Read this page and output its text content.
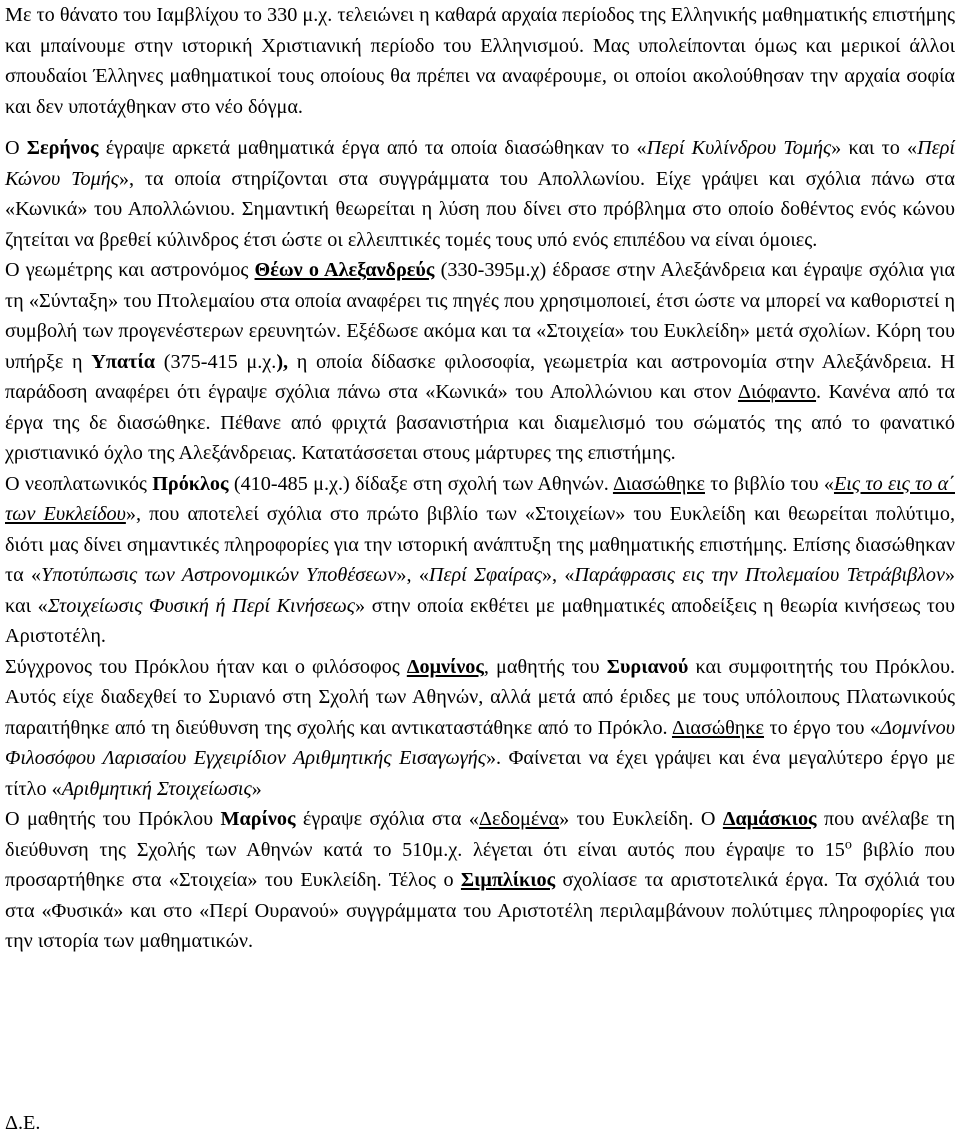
Με το θάνατο του Ιαμβλίχου το 330 μ.χ. τελειώνει η καθαρά αρχαία περίοδος της Ελληνικής μαθηματικής επιστήμης και μπαίνουμε στην ιστορική Χριστιανική περίοδο του Ελληνισμού. Μας υπολείπονται όμως και μερικοί άλλοι σπουδαίοι Έλληνες μαθηματικοί τους οποίους θα πρέπει να αναφέρουμε, οι οποίοι ακολούθησαν την αρχαία σοφία και δεν υποτάχθηκαν στο νέο δόγμα.

Ο Σερήνος έγραψε αρκετά μαθηματικά έργα από τα οποία διασώθηκαν το «Περί Κυλίνδρου Τομής» και το «Περί Κώνου Τομής», τα οποία στηρίζονται στα συγγράμματα του Απολλωνίου. Είχε γράψει και σχόλια πάνω στα «Κωνικά» του Απολλώνιου. Σημαντική θεωρείται η λύση που δίνει στο πρόβλημα στο οποίο δοθέντος ενός κώνου ζητείται να βρεθεί κύλινδρος έτσι ώστε οι ελλειπτικές τομές τους υπό ενός επιπέδου να είναι όμοιες.

Ο γεωμέτρης και αστρονόμος Θέων ο Αλεξανδρεύς (330-395μ.χ) έδρασε στην Αλεξάνδρεια και έγραψε σχόλια για τη «Σύνταξη» του Πτολεμαίου στα οποία αναφέρει τις πηγές που χρησιμοποιεί, έτσι ώστε να μπορεί να καθοριστεί η συμβολή των προγενέστερων ερευνητών. Εξέδωσε ακόμα και τα «Στοιχεία» του Ευκλείδη» μετά σχολίων. Κόρη του υπήρξε η Υπατία (375-415 μ.χ.), η οποία δίδασκε φιλοσοφία, γεωμετρία και αστρονομία στην Αλεξάνδρεια. Η παράδοση αναφέρει ότι έγραψε σχόλια πάνω στα «Κωνικά» του Απολλώνιου και στον Διόφαντο. Κανένα από τα έργα της δε διασώθηκε. Πέθανε από φριχτά βασανιστήρια και διαμελισμό του σώματός της από το φανατικό χριστιανικό όχλο της Αλεξάνδρειας. Κατατάσσεται στους μάρτυρες της επιστήμης.

Ο νεοπλατωνικός Πρόκλος (410-485 μ.χ.) δίδαξε στη σχολή των Αθηνών. Διασώθηκε το βιβλίο του «Εις το εις το α΄ των Ευκλείδου», που αποτελεί σχόλια στο πρώτο βιβλίο των «Στοιχείων» του Ευκλείδη και θεωρείται πολύτιμο, διότι μας δίνει σημαντικές πληροφορίες για την ιστορική ανάπτυξη της μαθηματικής επιστήμης. Επίσης διασώθηκαν τα «Υποτύπωσις των Αστρονομικών Υποθέσεων», «Περί Σφαίρας», «Παράφρασις εις την Πτολεμαίου Τετράβιβλον» και «Στοιχείωσις Φυσική ή Περί Κινήσεως» στην οποία εκθέτει με μαθηματικές αποδείξεις η θεωρία κινήσεως του Αριστοτέλη.

Σύγχρονος του Πρόκλου ήταν και ο φιλόσοφος Δομνίνος, μαθητής του Συριανού και συμφοιτητής του Πρόκλου. Αυτός είχε διαδεχθεί το Συριανό στη Σχολή των Αθηνών, αλλά μετά από έριδες με τους υπόλοιπους Πλατωνικούς παραιτήθηκε από τη διεύθυνση της σχολής και αντικαταστάθηκε από το Πρόκλο. Διασώθηκε το έργο του «Δομνίνου Φιλοσόφου Λαρισαίου Εγχειρίδιον Αριθμητικής Εισαγωγής». Φαίνεται να έχει γράψει και ένα μεγαλύτερο έργο με τίτλο «Αριθμητική Στοιχείωσις»

Ο μαθητής του Πρόκλου Μαρίνος έγραψε σχόλια στα «Δεδομένα» του Ευκλείδη. Ο Δαμάσκιος που ανέλαβε τη διεύθυνση της Σχολής των Αθηνών κατά το 510μ.χ. λέγεται ότι είναι αυτός που έγραψε το $15^o$ βιβλίο που προσαρτήθηκε στα «Στοιχεία» του Ευκλείδη. Τέλος ο Σιμπλίκιος σχολίασε τα αριστοτελικά έργα. Τα σχόλιά του στα «Φυσικά» και στο «Περί Ουρανού» συγγράμματα του Αριστοτέλη περιλαμβάνουν πολύτιμες πληροφορίες για την ιστορία των μαθηματικών.

Δ.Ε.
